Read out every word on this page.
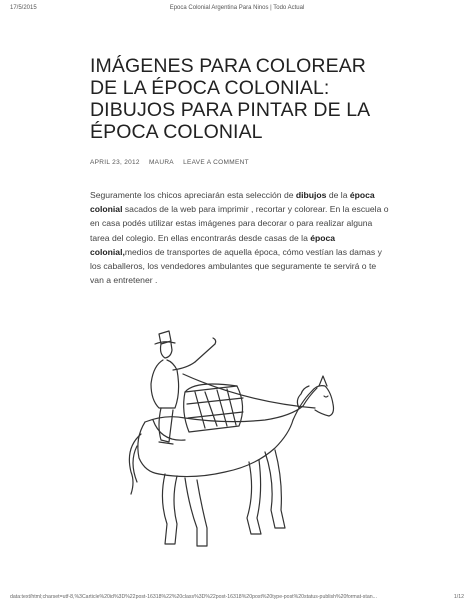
17/5/2015	Epoca Colonial Argentina Para Ninos | Todo Actual
IMÁGENES PARA COLOREAR DE LA ÉPOCA COLONIAL: DIBUJOS PARA PINTAR DE LA ÉPOCA COLONIAL
APRIL 23, 2012 MAURA LEAVE A COMMENT

Seguramente los chicos apreciarán esta selección de dibujos de la época colonial sacados de la web para imprimir , recortar y colorear. En la escuela o en casa podés utilizar estas imágenes para decorar o para realizar alguna tarea del colegio. En ellas encontrarás desde casas de la época colonial,medios de transportes de aquella época, cómo vestían las damas y los caballeros, los vendedores ambulantes que seguramente te servirá o te van a entretener .

data:text/html;charset=utf-8,%3Carticle%20id%3D%22post-16318%22%20class%3D%22post-16318%20post%20type-post%20status-publish%20format-stan...	1/12
